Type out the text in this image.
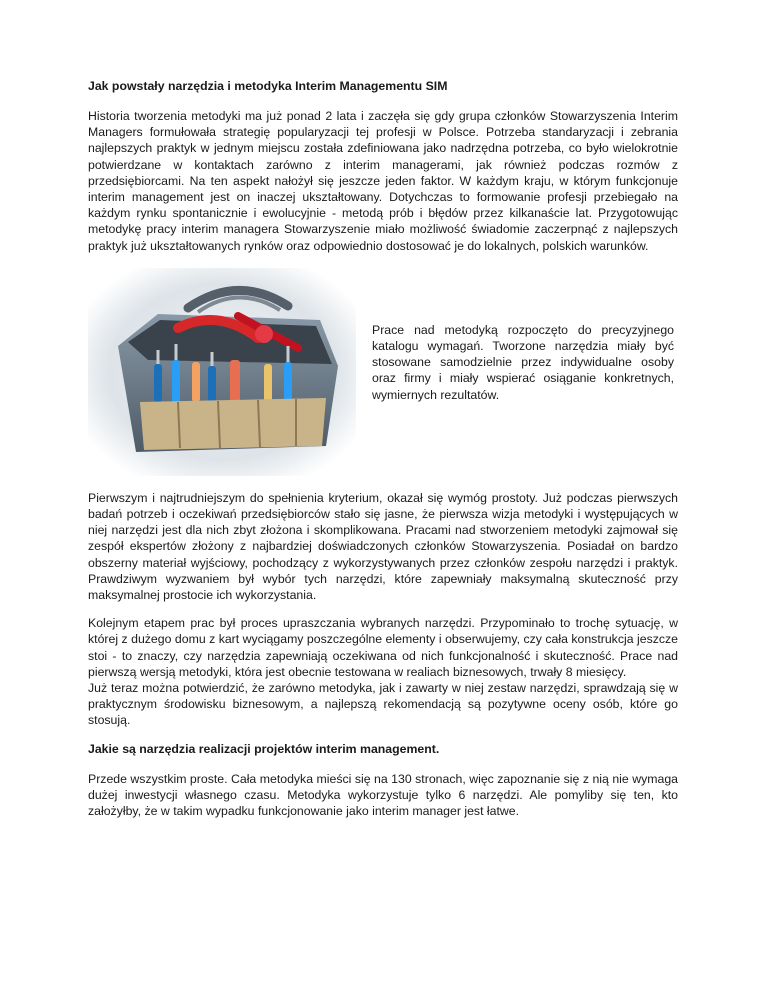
Jak powstały narzędzia i metodyka Interim Managementu SIM

Historia tworzenia metodyki ma już ponad 2 lata i zaczęła się gdy grupa członków Stowarzyszenia Interim Managers formułowała strategię popularyzacji tej profesji w Polsce. Potrzeba standaryzacji i zebrania najlepszych praktyk w jednym miejscu została zdefiniowana jako nadrzędna potrzeba, co było wielokrotnie potwierdzane w kontaktach zarówno z interim managerami, jak również podczas rozmów z przedsiębiorcami. Na ten aspekt nałożył się jeszcze jeden faktor. W każdym kraju, w którym funkcjonuje interim management jest on inaczej ukształtowany. Dotychczas to formowanie profesji przebiegało na każdym rynku spontanicznie i ewolucyjnie - metodą prób i błędów przez kilkanaście lat. Przygotowując metodykę pracy interim managera Stowarzyszenie miało możliwość świadomie zaczerpnąć z najlepszych praktyk już ukształtowanych rynków oraz odpowiednio dostosować je do lokalnych, polskich warunków.

Prace nad metodyką rozpoczęto do precyzyjnego katalogu wymagań. Tworzone narzędzia miały być stosowane samodzielnie przez indywidualne osoby oraz firmy i miały wspierać osiąganie konkretnych, wymiernych rezultatów.

Pierwszym i najtrudniejszym do spełnienia kryterium, okazał się wymóg prostoty. Już podczas pierwszych badań potrzeb i oczekiwań przedsiębiorców stało się jasne, że pierwsza wizja metodyki i występujących w niej narzędzi jest dla nich zbyt złożona i skomplikowana. Pracami nad stworzeniem metodyki zajmował się zespół ekspertów złożony z najbardziej doświadczonych członków Stowarzyszenia. Posiadał on bardzo obszerny materiał wyjściowy, pochodzący z wykorzystywanych przez członków zespołu narzędzi i praktyk. Prawdziwym wyzwaniem był wybór tych narzędzi, które zapewniały maksymalną skuteczność przy maksymalnej prostocie ich wykorzystania.

Kolejnym etapem prac był proces upraszczania wybranych narzędzi. Przypominało to trochę sytuację, w której z dużego domu z kart wyciągamy poszczególne elementy i obserwujemy, czy cała konstrukcja jeszcze stoi - to znaczy, czy narzędzia zapewniają oczekiwana od nich funkcjonalność i skuteczność. Prace nad pierwszą wersją metodyki, która jest obecnie testowana w realiach biznesowych, trwały 8 miesięcy.

Już teraz można potwierdzić, że zarówno metodyka, jak i zawarty w niej zestaw narzędzi, sprawdzają się w praktycznym środowisku biznesowym, a najlepszą rekomendacją są pozytywne oceny osób, które go stosują.

Jakie są narzędzia realizacji projektów interim management.

Przede wszystkim proste. Cała metodyka mieści się na 130 stronach, więc zapoznanie się z nią nie wymaga dużej inwestycji własnego czasu. Metodyka wykorzystuje tylko 6 narzędzi. Ale pomyliby się ten, kto założyłby, że w takim wypadku funkcjonowanie jako interim manager jest łatwe.
